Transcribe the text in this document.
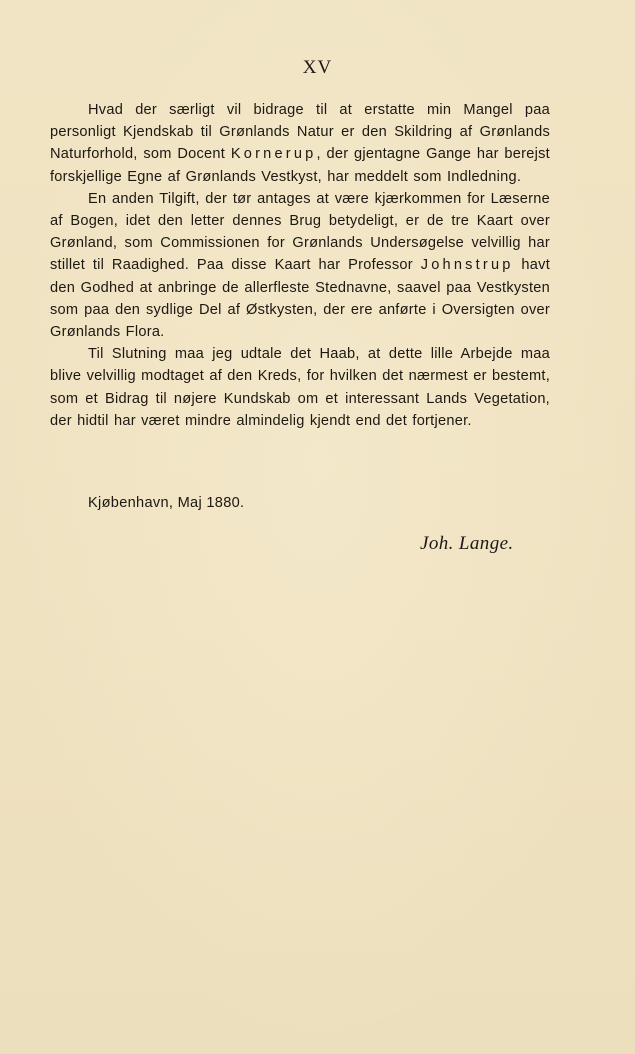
XV

Hvad der særligt vil bidrage til at erstatte min Mangel paa personligt Kjendskab til Grønlands Natur er den Skildring af Grønlands Naturforhold, som Docent Kornerup, der gjentagne Gange har berejst forskjellige Egne af Grønlands Vestkyst, har meddelt som Indledning.

En anden Tilgift, der tør antages at være kjærkommen for Læserne af Bogen, idet den letter dennes Brug betydeligt, er de tre Kaart over Grønland, som Commissionen for Grønlands Undersøgelse velvillig har stillet til Raadighed. Paa disse Kaart har Professor Johnstrup havt den Godhed at anbringe de allerfleste Stednavne, saavel paa Vestkysten som paa den sydlige Del af Østkysten, der ere anførte i Oversigten over Grønlands Flora.

Til Slutning maa jeg udtale det Haab, at dette lille Arbejde maa blive velvillig modtaget af den Kreds, for hvilken det nærmest er bestemt, som et Bidrag til nøjere Kundskab om et interessant Lands Vegetation, der hidtil har været mindre almindelig kjendt end det fortjener.

Kjøbenhavn, Maj 1880.
Joh. Lange.
